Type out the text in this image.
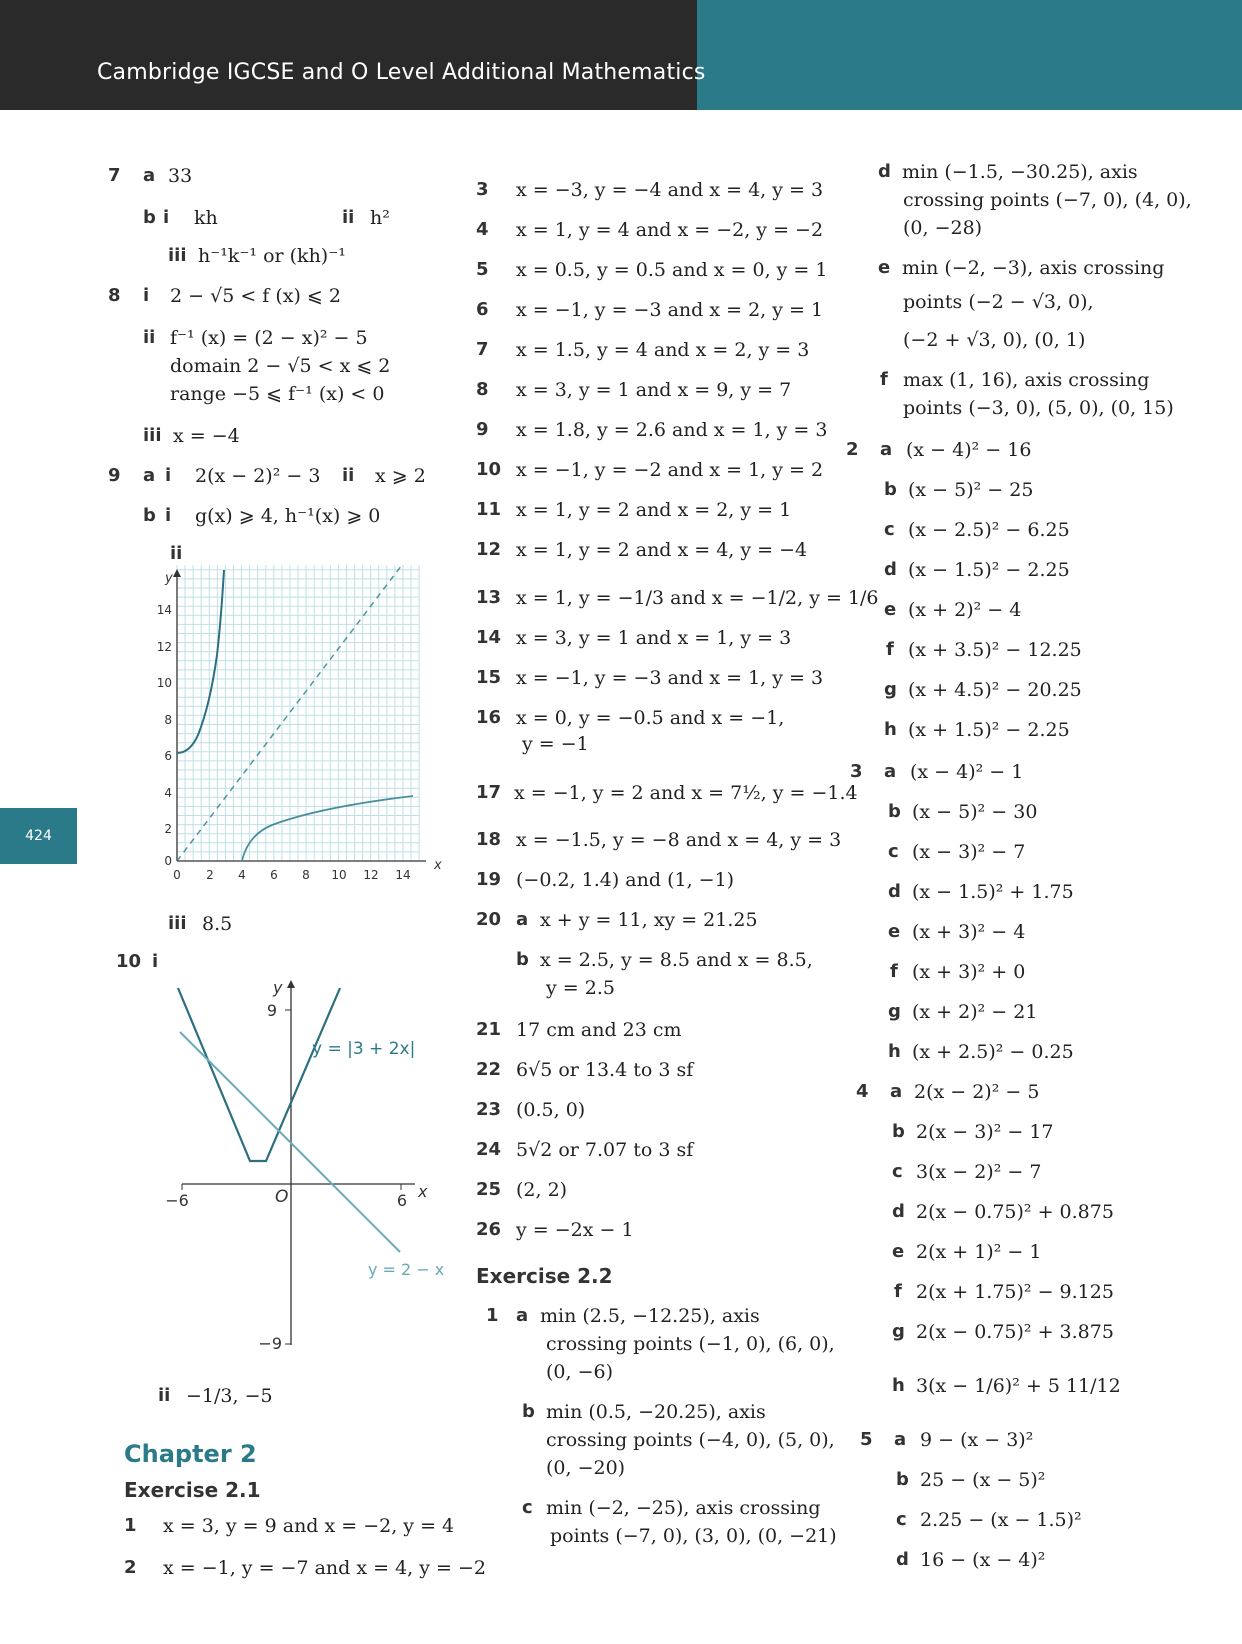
Cambridge IGCSE and O Level Additional Mathematics
424
7 a 33
b i kh	ii h²
iii h⁻¹k⁻¹ or (kh)⁻¹
8 i 2 − √5 < f (x) ⩽ 2
ii f⁻¹ (x) = (2 − x)² − 5
domain 2 − √5 < x ⩽ 2
range −5 ⩽ f⁻¹ (x) < 0
iii x = −4
9 a i 2(x − 2)² − 3 ii x ⩾ 2
b i g(x) ⩾ 4, h⁻¹(x) ⩾ 0
ii
y
x
14
12
10
8
6
4
2
0
0 2 4 6 8 10 12 14
iii 8.5
10 i
y
x
O
9
−9
−6	6
y = |3 + 2x|
y = 2 − x
ii −1/3, −5
Chapter 2
Exercise 2.1
1 x = 3, y = 9 and x = −2, y = 4
2 x = −1, y = −7 and x = 4, y = −2
3 x = −3, y = −4 and x = 4, y = 3
4 x = 1, y = 4 and x = −2, y = −2
5 x = 0.5, y = 0.5 and x = 0, y = 1
6 x = −1, y = −3 and x = 2, y = 1
7 x = 1.5, y = 4 and x = 2, y = 3
8 x = 3, y = 1 and x = 9, y = 7
9 x = 1.8, y = 2.6 and x = 1, y = 3
10 x = −1, y = −2 and x = 1, y = 2
11 x = 1, y = 2 and x = 2, y = 1
12 x = 1, y = 2 and x = 4, y = −4
13 x = 1, y = −1/3 and x = −1/2, y = 1/6
14 x = 3, y = 1 and x = 1, y = 3
15 x = −1, y = −3 and x = 1, y = 3
16 x = 0, y = −0.5 and x = −1,
y = −1
17 x = −1, y = 2 and x = 7½, y = −1.4
18 x = −1.5, y = −8 and x = 4, y = 3
19 (−0.2, 1.4) and (1, −1)
20 a x + y = 11, xy = 21.25
b x = 2.5, y = 8.5 and x = 8.5,
y = 2.5
21 17 cm and 23 cm
22 6√5 or 13.4 to 3 sf
23 (0.5, 0)
24 5√2 or 7.07 to 3 sf
25 (2, 2)
26 y = −2x − 1
Exercise 2.2
1 a min (2.5, −12.25), axis
crossing points (−1, 0), (6, 0),
(0, −6)
b min (0.5, −20.25), axis
crossing points (−4, 0), (5, 0),
(0, −20)
c min (−2, −25), axis crossing
points (−7, 0), (3, 0), (0, −21)
d min (−1.5, −30.25), axis
crossing points (−7, 0), (4, 0),
(0, −28)
e min (−2, −3), axis crossing
points (−2 − √3, 0),
(−2 + √3, 0), (0, 1)
f max (1, 16), axis crossing
points (−3, 0), (5, 0), (0, 15)
2 a (x − 4)² − 16
b (x − 5)² − 25
c (x − 2.5)² − 6.25
d (x − 1.5)² − 2.25
e (x + 2)² − 4
f (x + 3.5)² − 12.25
g (x + 4.5)² − 20.25
h (x + 1.5)² − 2.25
3 a (x − 4)² − 1
b (x − 5)² − 30
c (x − 3)² − 7
d (x − 1.5)² + 1.75
e (x + 3)² − 4
f (x + 3)² + 0
g (x + 2)² − 21
h (x + 2.5)² − 0.25
4 a 2(x − 2)² − 5
b 2(x − 3)² − 17
c 3(x − 2)² − 7
d 2(x − 0.75)² + 0.875
e 2(x + 1)² − 1
f 2(x + 1.75)² − 9.125
g 2(x − 0.75)² + 3.875
h 3(x − 1/6)² + 5 11/12
5 a 9 − (x − 3)²
b 25 − (x − 5)²
c 2.25 − (x − 1.5)²
d 16 − (x − 4)²
